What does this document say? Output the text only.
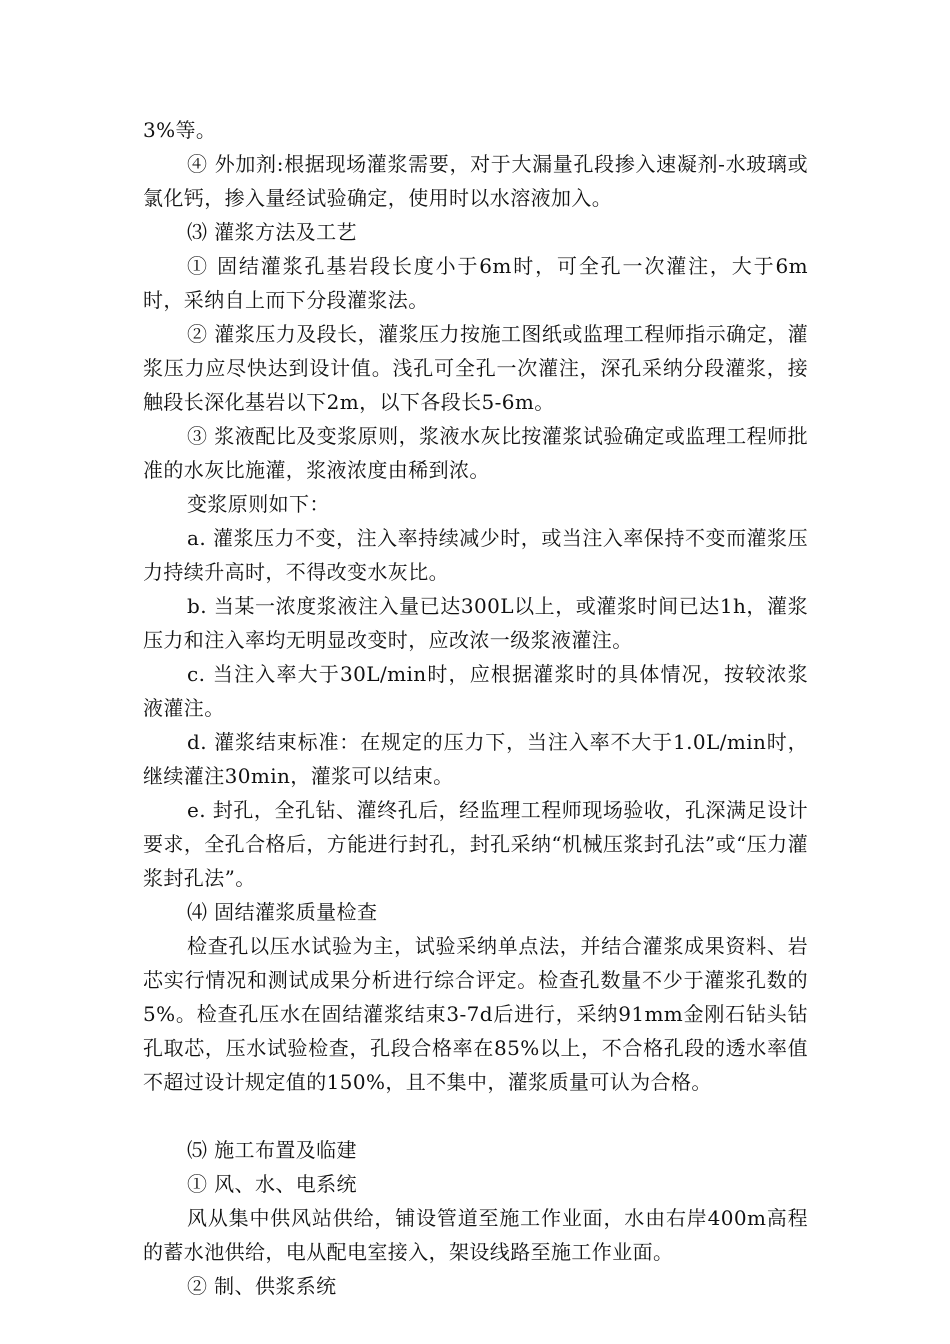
3%等。

④ 外加剂:根据现场灌浆需要，对于大漏量孔段掺入速凝剂-水玻璃或氯化钙，掺入量经试验确定，使用时以水溶液加入。

⑶ 灌浆方法及工艺

① 固结灌浆孔基岩段长度小于6m时，可全孔一次灌注，大于6m时，采纳自上而下分段灌浆法。

② 灌浆压力及段长，灌浆压力按施工图纸或监理工程师指示确定，灌浆压力应尽快达到设计值。浅孔可全孔一次灌注，深孔采纳分段灌浆，接触段长深化基岩以下2m，以下各段长5-6m。

③ 浆液配比及变浆原则，浆液水灰比按灌浆试验确定或监理工程师批准的水灰比施灌，浆液浓度由稀到浓。

变浆原则如下：

a. 灌浆压力不变，注入率持续减少时，或当注入率保持不变而灌浆压力持续升高时，不得改变水灰比。

b. 当某一浓度浆液注入量已达300L以上，或灌浆时间已达1h，灌浆压力和注入率均无明显改变时，应改浓一级浆液灌注。

c. 当注入率大于30L/min时，应根据灌浆时的具体情况，按较浓浆液灌注。

d. 灌浆结束标准：在规定的压力下，当注入率不大于1.0L/min时，继续灌注30min，灌浆可以结束。

e. 封孔，全孔钻、灌终孔后，经监理工程师现场验收，孔深满足设计要求，全孔合格后，方能进行封孔，封孔采纳“机械压浆封孔法”或“压力灌浆封孔法”。

⑷ 固结灌浆质量检查

检查孔以压水试验为主，试验采纳单点法，并结合灌浆成果资料、岩芯实行情况和测试成果分析进行综合评定。检查孔数量不少于灌浆孔数的5%。检查孔压水在固结灌浆结束3-7d后进行，采纳91mm金刚石钻头钻孔取芯，压水试验检查，孔段合格率在85%以上，不合格孔段的透水率值不超过设计规定值的150%，且不集中，灌浆质量可认为合格。

⑸ 施工布置及临建

① 风、水、电系统

风从集中供风站供给，铺设管道至施工作业面，水由右岸400m高程的蓄水池供给，电从配电室接入，架设线路至施工作业面。

② 制、供浆系统
